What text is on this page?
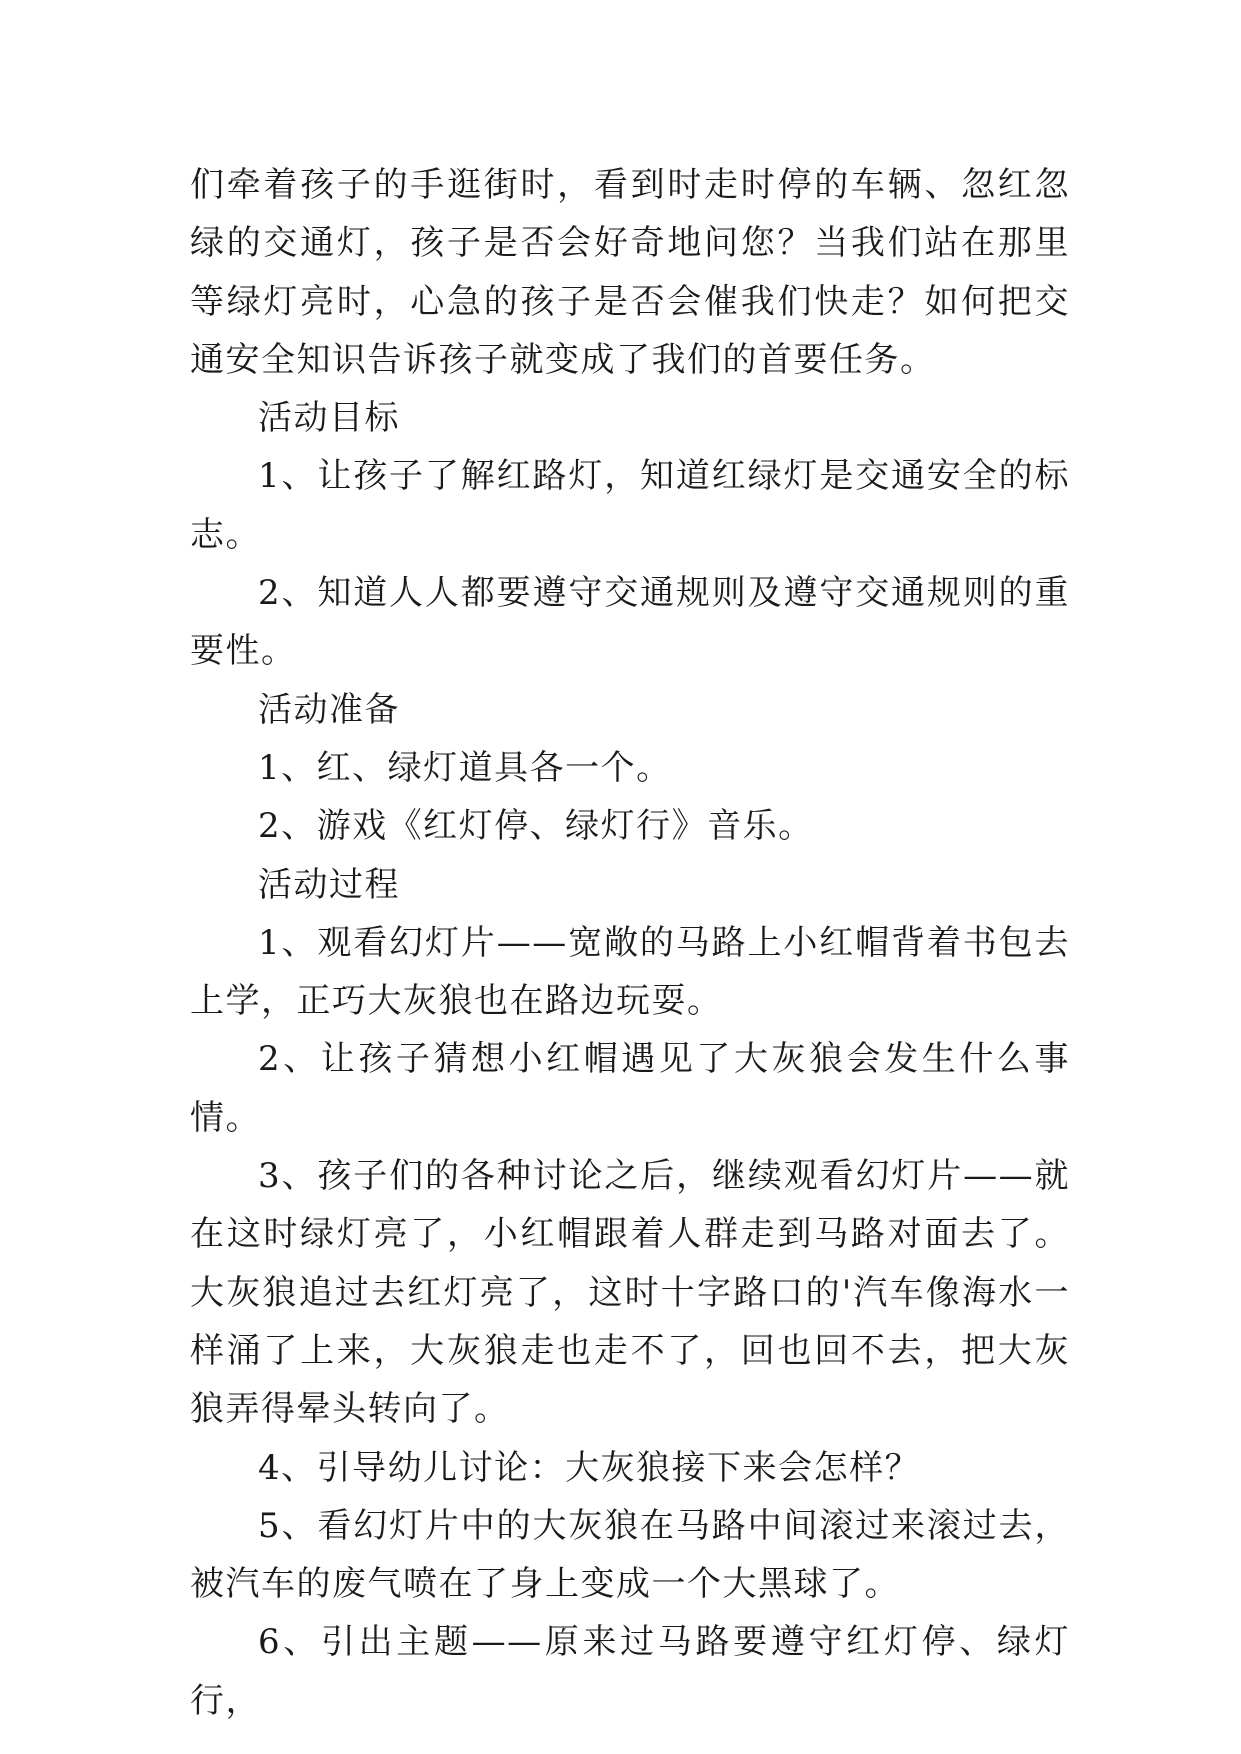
们牵着孩子的手逛街时，看到时走时停的车辆、忽红忽绿的交通灯，孩子是否会好奇地问您？当我们站在那里等绿灯亮时，心急的孩子是否会催我们快走？如何把交通安全知识告诉孩子就变成了我们的首要任务。

活动目标

1、让孩子了解红路灯，知道红绿灯是交通安全的标志。

2、知道人人都要遵守交通规则及遵守交通规则的重要性。

活动准备

1、红、绿灯道具各一个。

2、游戏《红灯停、绿灯行》音乐。

活动过程

1、观看幻灯片——宽敞的马路上小红帽背着书包去上学，正巧大灰狼也在路边玩耍。

2、让孩子猜想小红帽遇见了大灰狼会发生什么事情。

3、孩子们的各种讨论之后，继续观看幻灯片——就在这时绿灯亮了，小红帽跟着人群走到马路对面去了。大灰狼追过去红灯亮了，这时十字路口的'汽车像海水一样涌了上来，大灰狼走也走不了，回也回不去，把大灰狼弄得晕头转向了。

4、引导幼儿讨论：大灰狼接下来会怎样？

5、看幻灯片中的大灰狼在马路中间滚过来滚过去，被汽车的废气喷在了身上变成一个大黑球了。

6、引出主题——原来过马路要遵守红灯停、绿灯行，
